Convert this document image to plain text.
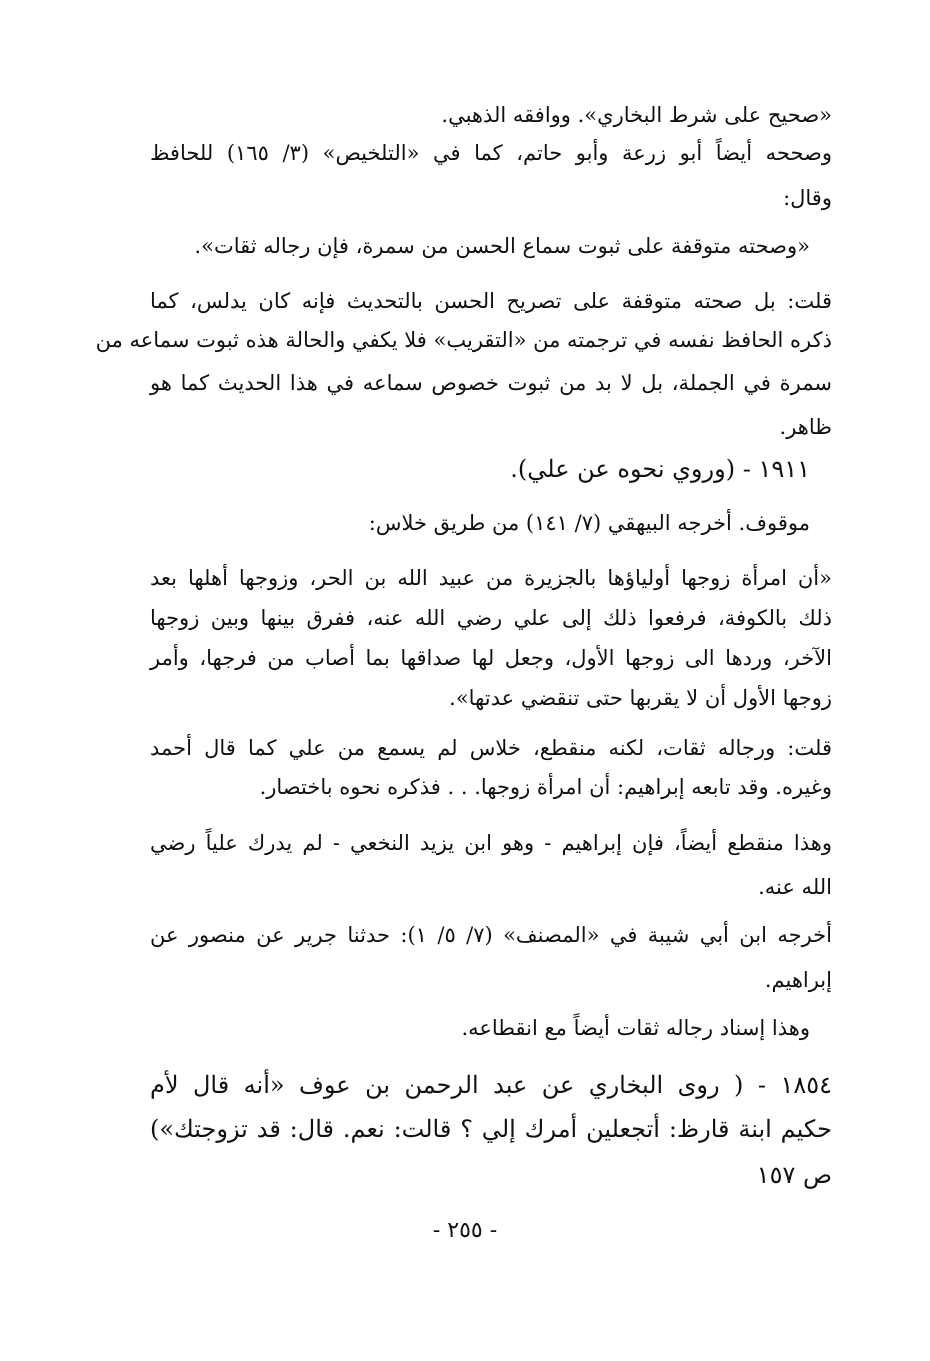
«صحيح على شرط البخاري». ووافقه الذهبي.
وصححه أيضاً أبو زرعة وأبو حاتم، كما في «التلخيص» (٣/ ١٦٥) للحافظ
وقال:
«وصحته متوقفة على ثبوت سماع الحسن من سمرة، فإن رجاله ثقات».
قلت: بل صحته متوقفة على تصريح الحسن بالتحديث فإنه كان يدلس، كما
ذكره الحافظ نفسه في ترجمته من «التقريب» فلا يكفي والحالة هذه ثبوت سماعه من
سمرة في الجملة، بل لا بد من ثبوت خصوص سماعه في هذا الحديث كما هو
ظاهر.
١٩١١ - (وروي نحوه عن علي).
موقوف. أخرجه البيهقي (٧/ ١٤١) من طريق خلاس:
«أن امرأة زوجها أولياؤها بالجزيرة من عبيد الله بن الحر، وزوجها أهلها بعد
ذلك بالكوفة، فرفعوا ذلك إلى علي رضي الله عنه، ففرق بينها وبين زوجها
الآخر، وردها الى زوجها الأول، وجعل لها صداقها بما أصاب من فرجها، وأمر
زوجها الأول أن لا يقربها حتى تنقضي عدتها».
قلت: ورجاله ثقات، لكنه منقطع، خلاس لم يسمع من علي كما قال أحمد
وغيره. وقد تابعه إبراهيم: أن امرأة زوجها. . . فذكره نحوه باختصار.
وهذا منقطع أيضاً، فإن إبراهيم - وهو ابن يزيد النخعي - لم يدرك علياً رضي
الله عنه.
أخرجه ابن أبي شيبة في «المصنف» (٧/ ٥/ ١): حدثنا جرير عن منصور عن
إبراهيم.
وهذا إسناد رجاله ثقات أيضاً مع انقطاعه.
١٨٥٤ - ( روى البخاري عن عبد الرحمن بن عوف «أنه قال لأم
حكيم ابنة قارظ: أتجعلين أمرك إلي ؟ قالت: نعم. قال: قد تزوجتك»)
ص ١٥٧
- ٢٥٥ -
